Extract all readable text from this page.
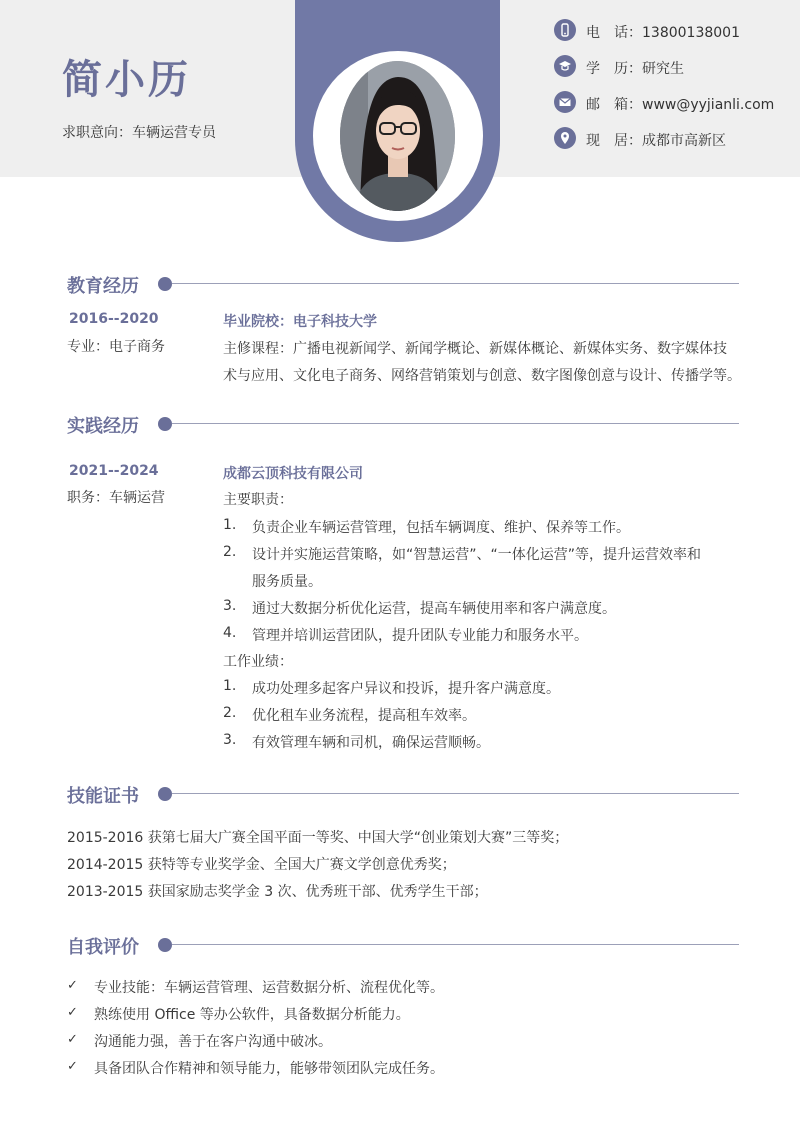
简小历
求职意向：车辆运营专员
电　话：13800138001
学　历：研究生
邮　箱：www@yyjianli.com
现　居：成都市高新区
教育经历
2016--2020
专业：电子商务
毕业院校：电子科技大学
主修课程：广播电视新闻学、新闻学概论、新媒体概论、新媒体实务、数字媒体技
术与应用、文化电子商务、网络营销策划与创意、数字图像创意与设计、传播学等。
实践经历
2021--2024
职务：车辆运营
成都云顶科技有限公司
主要职责：
1. 负责企业车辆运营管理，包括车辆调度、维护、保养等工作。
2. 设计并实施运营策略，如“智慧运营”、“一体化运营”等，提升运营效率和
服务质量。
3. 通过大数据分析优化运营，提高车辆使用率和客户满意度。
4. 管理并培训运营团队，提升团队专业能力和服务水平。
工作业绩：
1. 成功处理多起客户异议和投诉，提升客户满意度。
2. 优化租车业务流程，提高租车效率。
3. 有效管理车辆和司机，确保运营顺畅。
技能证书
2015-2016 获第七届大广赛全国平面一等奖、中国大学“创业策划大赛”三等奖；
2014-2015 获特等专业奖学金、全国大广赛文学创意优秀奖；
2013-2015 获国家励志奖学金 3 次、优秀班干部、优秀学生干部；
自我评价
✓ 专业技能：车辆运营管理、运营数据分析、流程优化等。
✓ 熟练使用 Office 等办公软件，具备数据分析能力。
✓ 沟通能力强，善于在客户沟通中破冰。
✓ 具备团队合作精神和领导能力，能够带领团队完成任务。
